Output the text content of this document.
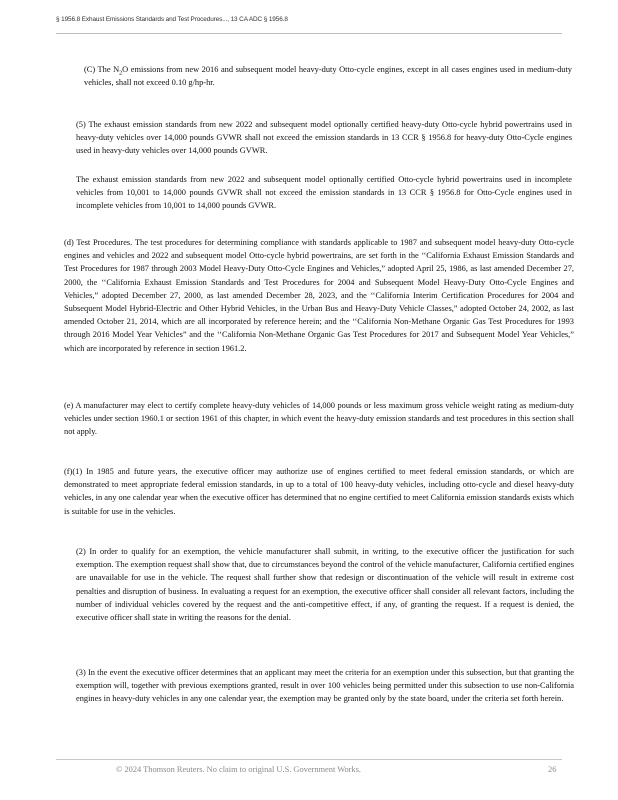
§ 1956.8 Exhaust Emissions Standards and Test Procedures..., 13 CA ADC § 1956.8

(C) The $N_2O$ emissions from new 2016 and subsequent model heavy-duty Otto-cycle engines, except in all cases engines used in medium-duty vehicles, shall not exceed 0.10 g/hp-hr.

(5) The exhaust emission standards from new 2022 and subsequent model optionally certified heavy-duty Otto-cycle hybrid powertrains used in heavy-duty vehicles over 14,000 pounds GVWR shall not exceed the emission standards in 13 CCR § 1956.8 for heavy-duty Otto-Cycle engines used in heavy-duty vehicles over 14,000 pounds GVWR.

The exhaust emission standards from new 2022 and subsequent model optionally certified Otto-cycle hybrid powertrains used in incomplete vehicles from 10,001 to 14,000 pounds GVWR shall not exceed the emission standards in 13 CCR § 1956.8 for Otto-Cycle engines used in incomplete vehicles from 10,001 to 14,000 pounds GVWR.

(d) Test Procedures. The test procedures for determining compliance with standards applicable to 1987 and subsequent model heavy-duty Otto-cycle engines and vehicles and 2022 and subsequent model Otto-cycle hybrid powertrains, are set forth in the ‘‘California Exhaust Emission Standards and Test Procedures for 1987 through 2003 Model Heavy-Duty Otto-Cycle Engines and Vehicles,” adopted April 25, 1986, as last amended December 27, 2000, the ‘‘California Exhaust Emission Standards and Test Procedures for 2004 and Subsequent Model Heavy-Duty Otto-Cycle Engines and Vehicles,” adopted December 27, 2000, as last amended December 28, 2023, and the ‘‘California Interim Certification Procedures for 2004 and Subsequent Model Hybrid-Electric and Other Hybrid Vehicles, in the Urban Bus and Heavy-Duty Vehicle Classes,” adopted October 24, 2002, as last amended October 21, 2014, which are all incorporated by reference herein; and the ‘‘California Non-Methane Organic Gas Test Procedures for 1993 through 2016 Model Year Vehicles” and the ‘‘California Non-Methane Organic Gas Test Procedures for 2017 and Subsequent Model Year Vehicles,” which are incorporated by reference in section 1961.2.

(e) A manufacturer may elect to certify complete heavy-duty vehicles of 14,000 pounds or less maximum gross vehicle weight rating as medium-duty vehicles under section 1960.1 or section 1961 of this chapter, in which event the heavy-duty emission standards and test procedures in this section shall not apply.

(f)(1) In 1985 and future years, the executive officer may authorize use of engines certified to meet federal emission standards, or which are demonstrated to meet appropriate federal emission standards, in up to a total of 100 heavy-duty vehicles, including otto-cycle and diesel heavy-duty vehicles, in any one calendar year when the executive officer has determined that no engine certified to meet California emission standards exists which is suitable for use in the vehicles.

(2) In order to qualify for an exemption, the vehicle manufacturer shall submit, in writing, to the executive officer the justification for such exemption. The exemption request shall show that, due to circumstances beyond the control of the vehicle manufacturer, California certified engines are unavailable for use in the vehicle. The request shall further show that redesign or discontinuation of the vehicle will result in extreme cost penalties and disruption of business. In evaluating a request for an exemption, the executive officer shall consider all relevant factors, including the number of individual vehicles covered by the request and the anti-competitive effect, if any, of granting the request. If a request is denied, the executive officer shall state in writing the reasons for the denial.

(3) In the event the executive officer determines that an applicant may meet the criteria for an exemption under this subsection, but that granting the exemption will, together with previous exemptions granted, result in over 100 vehicles being permitted under this subsection to use non-California engines in heavy-duty vehicles in any one calendar year, the exemption may be granted only by the state board, under the criteria set forth herein.

© 2024 Thomson Reuters. No claim to original U.S. Government Works.	26
